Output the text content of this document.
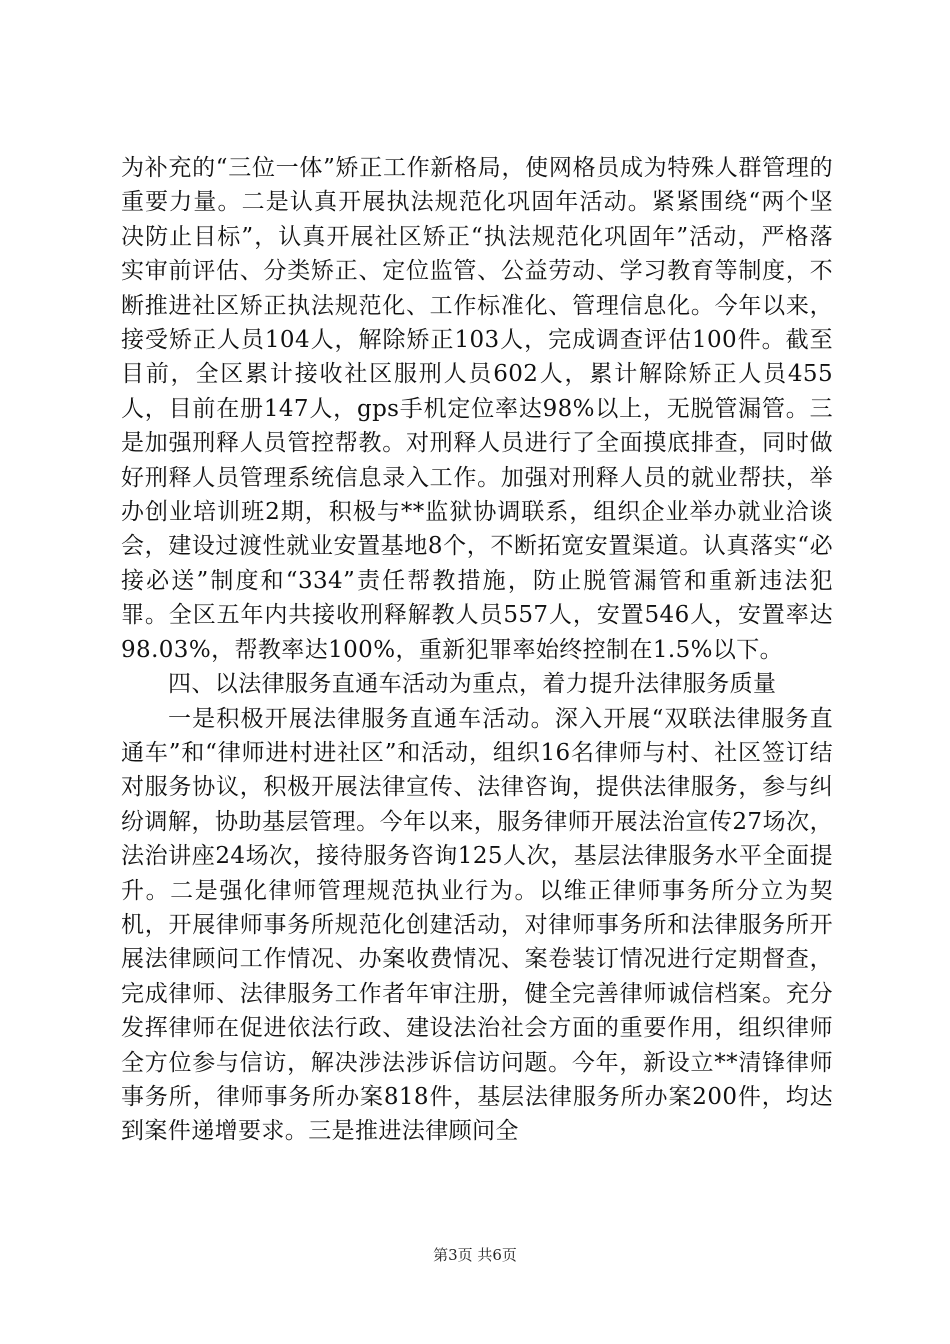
为补充的“三位一体”矫正工作新格局，使网格员成为特殊人群管理的重要力量。二是认真开展执法规范化巩固年活动。紧紧围绕“两个坚决防止目标”，认真开展社区矫正“执法规范化巩固年”活动，严格落实审前评估、分类矫正、定位监管、公益劳动、学习教育等制度，不断推进社区矫正执法规范化、工作标准化、管理信息化。今年以来，接受矫正人员104人，解除矫正103人，完成调查评估100件。截至目前，全区累计接收社区服刑人员602人，累计解除矫正人员455人，目前在册147人，gps手机定位率达98%以上，无脱管漏管。三是加强刑释人员管控帮教。对刑释人员进行了全面摸底排查，同时做好刑释人员管理系统信息录入工作。加强对刑释人员的就业帮扶，举办创业培训班2期，积极与**监狱协调联系，组织企业举办就业洽谈会，建设过渡性就业安置基地8个，不断拓宽安置渠道。认真落实“必接必送”制度和“334”责任帮教措施，防止脱管漏管和重新违法犯罪。全区五年内共接收刑释解教人员557人，安置546人，安置率达98.03%，帮教率达100%，重新犯罪率始终控制在1.5%以下。

四、以法律服务直通车活动为重点，着力提升法律服务质量

一是积极开展法律服务直通车活动。深入开展“双联法律服务直通车”和“律师进村进社区”和活动，组织16名律师与村、社区签订结对服务协议，积极开展法律宣传、法律咨询，提供法律服务，参与纠纷调解，协助基层管理。今年以来，服务律师开展法治宣传27场次，法治讲座24场次，接待服务咨询125人次，基层法律服务水平全面提升。二是强化律师管理规范执业行为。以维正律师事务所分立为契机，开展律师事务所规范化创建活动，对律师事务所和法律服务所开展法律顾问工作情况、办案收费情况、案卷装订情况进行定期督查，完成律师、法律服务工作者年审注册，健全完善律师诚信档案。充分发挥律师在促进依法行政、建设法治社会方面的重要作用，组织律师全方位参与信访，解决涉法涉诉信访问题。今年，新设立**清锋律师事务所，律师事务所办案818件，基层法律服务所办案200件，均达到案件递增要求。三是推进法律顾问全

第3页 共6页
